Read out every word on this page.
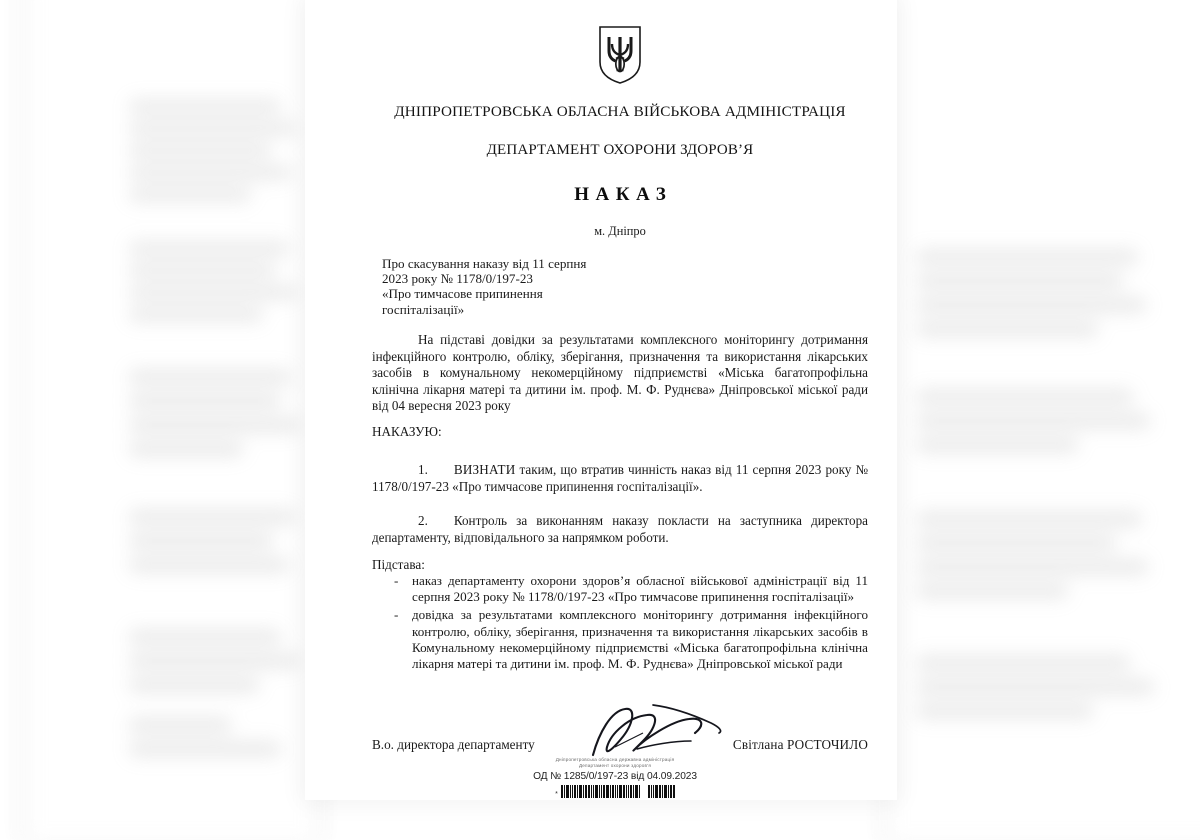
ДНІПРОПЕТРОВСЬКА ОБЛАСНА ВІЙСЬКОВА АДМІНІСТРАЦІЯ
ДЕПАРТАМЕНТ ОХОРОНИ ЗДОРОВ’Я
НАКАЗ
м. Дніпро
Про скасування наказу від 11 серпня
2023 року № 1178/0/197-23
«Про тимчасове припинення
госпіталізації»
На підставі довідки за результатами комплексного моніторингу дотримання інфекційного контролю, обліку, зберігання, призначення та використання лікарських засобів в комунальному некомерційному підприємстві «Міська багатопрофільна клінічна лікарня матері та дитини ім. проф. М. Ф. Руднєва» Дніпровської міської ради від 04 вересня 2023 року
НАКАЗУЮ:
1. ВИЗНАТИ таким, що втратив чинність наказ від 11 серпня 2023 року № 1178/0/197-23 «Про тимчасове припинення госпіталізації».
2. Контроль за виконанням наказу покласти на заступника директора департаменту, відповідального за напрямком роботи.
Підстава:
-	наказ департаменту охорони здоров’я обласної військової адміністрації від 11 серпня 2023 року № 1178/0/197-23 «Про тимчасове припинення госпіталізації»
-	довідка за результатами комплексного моніторингу дотримання інфекційного контролю, обліку, зберігання, призначення та використання лікарських засобів в Комунальному некомерційному підприємстві «Міська багатопрофільна клінічна лікарня матері та дитини ім. проф. М. Ф. Руднєва» Дніпровської міської ради
В.о. директора департаменту	Світлана РОСТОЧИЛО
Дніпропетровська обласна державна адміністрація
Департамент охорони здоров’я
ОД № 1285/0/197-23 від 04.09.2023
*
